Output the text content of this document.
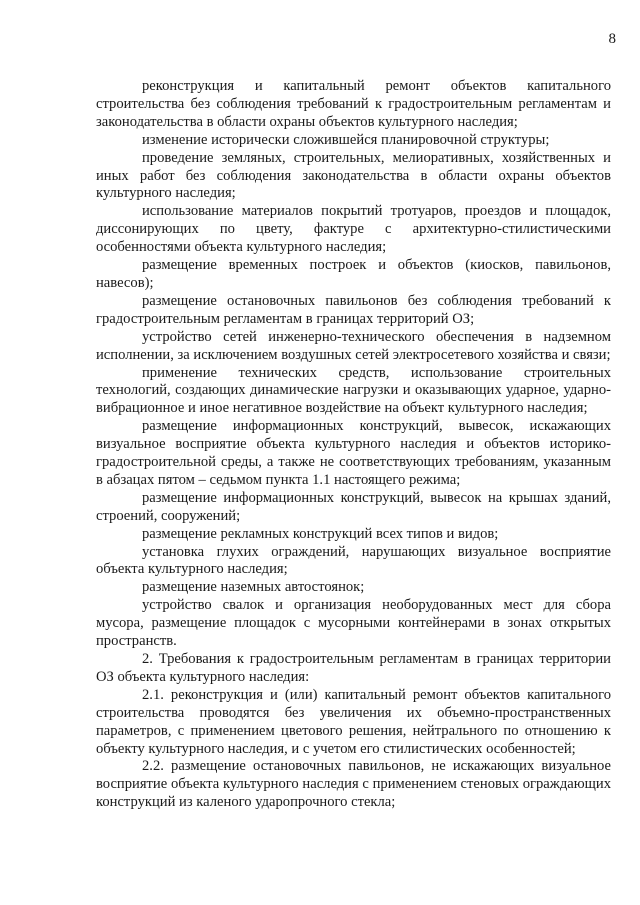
8

реконструкция и капитальный ремонт объектов капитального строительства без соблюдения требований к градостроительным регламентам и законодательства в области охраны объектов культурного наследия;

изменение исторически сложившейся планировочной структуры;

проведение земляных, строительных, мелиоративных, хозяйственных и иных работ без соблюдения законодательства в области охраны объектов культурного наследия;

использование материалов покрытий тротуаров, проездов и площадок, диссонирующих по цвету, фактуре с архитектурно-стилистическими особенностями объекта культурного наследия;

размещение временных построек и объектов (киосков, павильонов, навесов);

размещение остановочных павильонов без соблюдения требований к градостроительным регламентам в границах территорий ОЗ;

устройство сетей инженерно-технического обеспечения в надземном исполнении, за исключением воздушных сетей электросетевого хозяйства и связи;

применение технических средств, использование строительных технологий, создающих динамические нагрузки и оказывающих ударное, ударно-вибрационное и иное негативное воздействие на объект культурного наследия;

размещение информационных конструкций, вывесок, искажающих визуальное восприятие объекта культурного наследия и объектов историко-градостроительной среды, а также не соответствующих требованиям, указанным в абзацах пятом – седьмом пункта 1.1 настоящего режима;

размещение информационных конструкций, вывесок на крышах зданий, строений, сооружений;

размещение рекламных конструкций всех типов и видов;

установка глухих ограждений, нарушающих визуальное восприятие объекта культурного наследия;

размещение наземных автостоянок;

устройство свалок и организация необорудованных мест для сбора мусора, размещение площадок с мусорными контейнерами в зонах открытых пространств.

2. Требования к градостроительным регламентам в границах территории ОЗ объекта культурного наследия:

2.1. реконструкция и (или) капитальный ремонт объектов капитального строительства проводятся без увеличения их объемно-пространственных параметров, с применением цветового решения, нейтрального по отношению к объекту культурного наследия, и с учетом его стилистических особенностей;

2.2. размещение остановочных павильонов, не искажающих визуальное восприятие объекта культурного наследия с применением стеновых ограждающих конструкций из каленого ударопрочного стекла;
